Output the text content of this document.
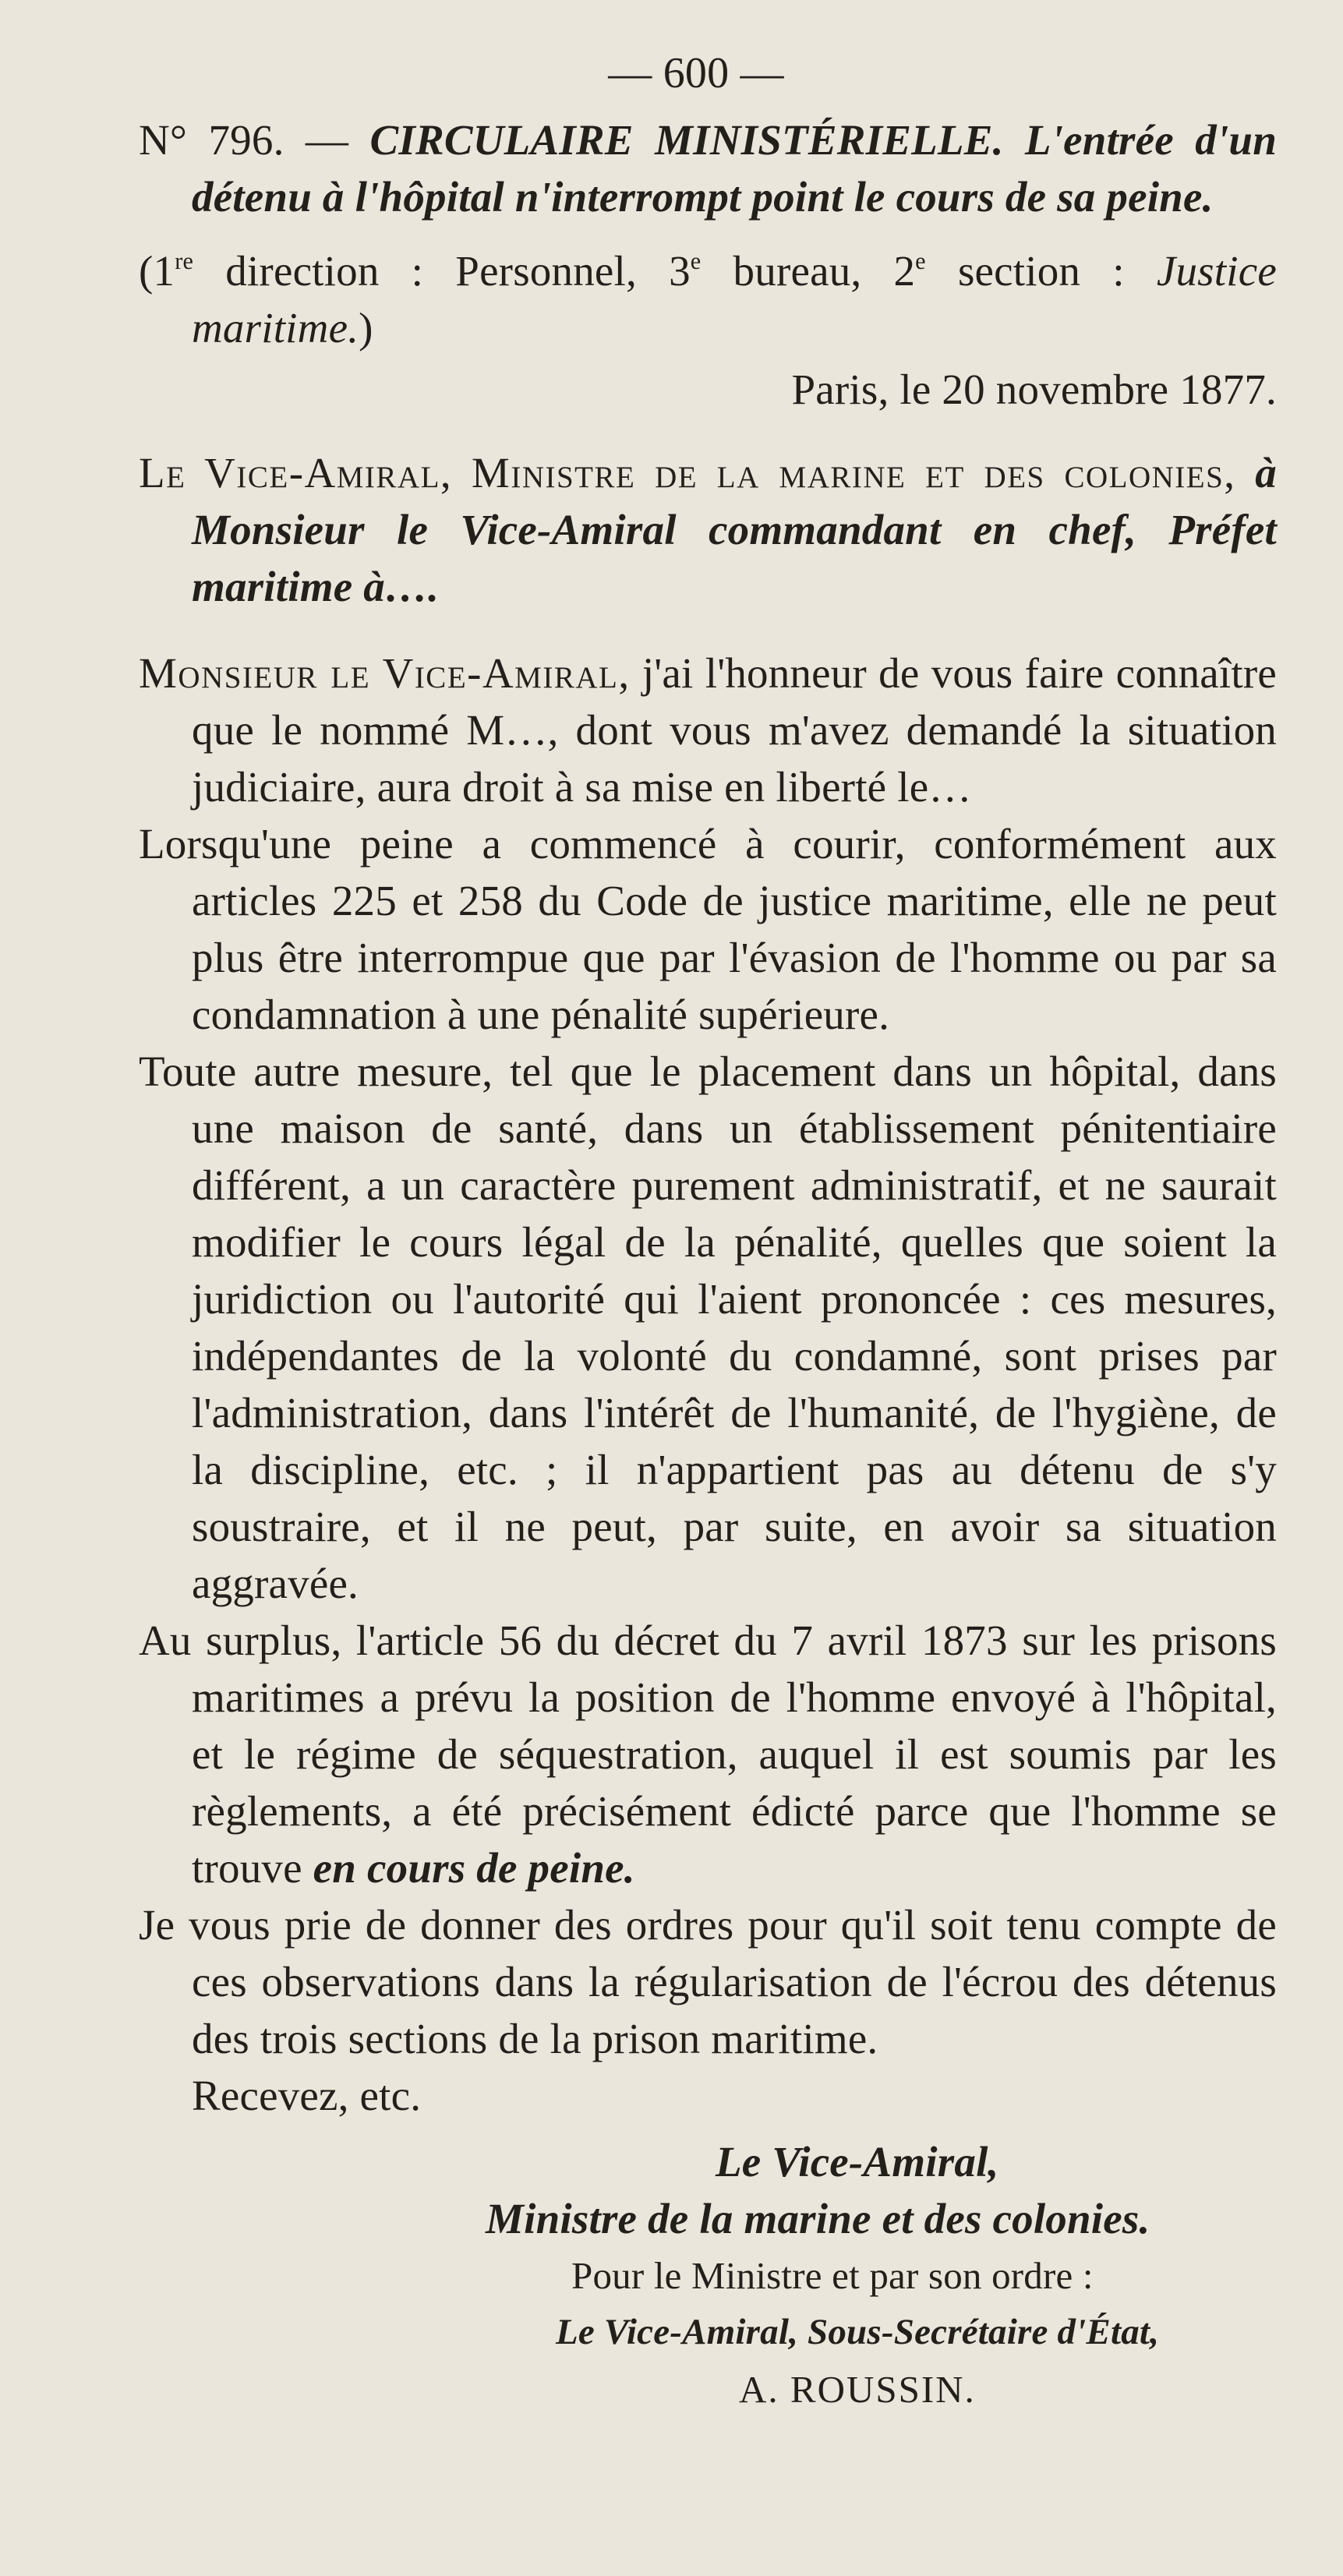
— 600 —

N° 796. — CIRCULAIRE MINISTÉRIELLE. L'entrée d'un détenu à l'hôpital n'interrompt point le cours de sa peine.

(1re direction : Personnel, 3e bureau, 2e section : Justice maritime.)

Paris, le 20 novembre 1877.

Le Vice-Amiral, Ministre de la marine et des colonies, à Monsieur le Vice-Amiral commandant en chef, Préfet maritime à….

Monsieur le Vice-Amiral, j'ai l'honneur de vous faire connaître que le nommé M…, dont vous m'avez demandé la situation judiciaire, aura droit à sa mise en liberté le…

Lorsqu'une peine a commencé à courir, conformément aux articles 225 et 258 du Code de justice maritime, elle ne peut plus être interrompue que par l'évasion de l'homme ou par sa condamnation à une pénalité supérieure.

Toute autre mesure, tel que le placement dans un hôpital, dans une maison de santé, dans un établissement pénitentiaire différent, a un caractère purement administratif, et ne saurait modifier le cours légal de la pénalité, quelles que soient la juridiction ou l'autorité qui l'aient prononcée : ces mesures, indépendantes de la volonté du condamné, sont prises par l'administration, dans l'intérêt de l'humanité, de l'hygiène, de la discipline, etc. ; il n'appartient pas au détenu de s'y soustraire, et il ne peut, par suite, en avoir sa situation aggravée.

Au surplus, l'article 56 du décret du 7 avril 1873 sur les prisons maritimes a prévu la position de l'homme envoyé à l'hôpital, et le régime de séquestration, auquel il est soumis par les règlements, a été précisément édicté parce que l'homme se trouve en cours de peine.

Je vous prie de donner des ordres pour qu'il soit tenu compte de ces observations dans la régularisation de l'écrou des détenus des trois sections de la prison maritime.

Recevez, etc.

Le Vice-Amiral,
Ministre de la marine et des colonies.
Pour le Ministre et par son ordre :
Le Vice-Amiral, Sous-Secrétaire d'État,
A. ROUSSIN.
